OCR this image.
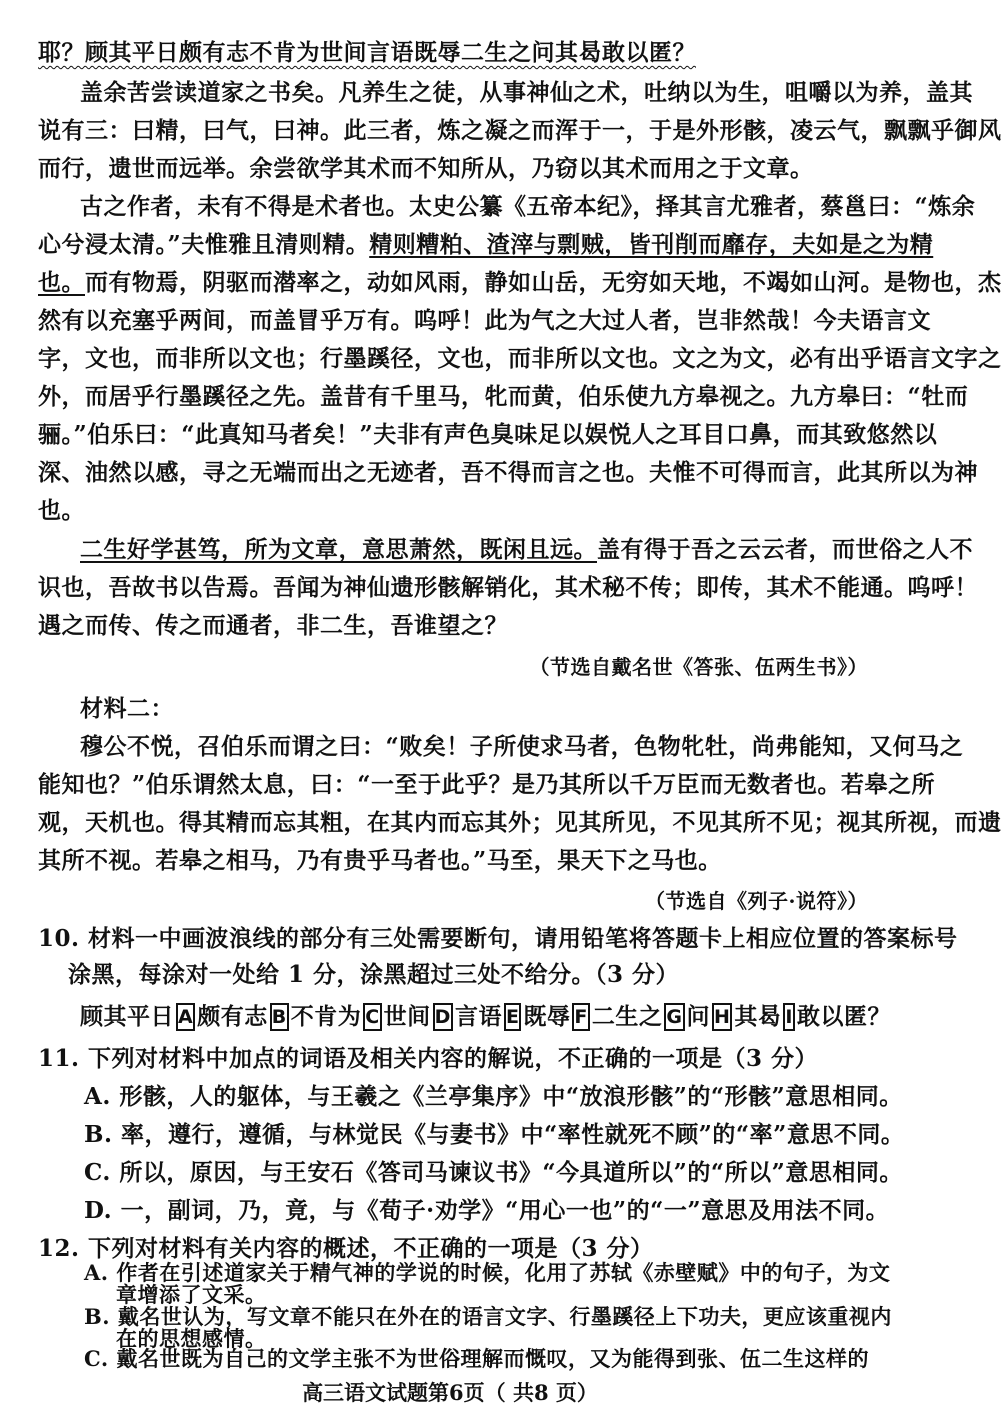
耶？顾其平日颇有志不肯为世间言语既辱二生之问其曷敢以匿？
盖余苦尝读道家之书矣。凡养生之徒，从事神仙之术，吐纳以为生，咀嚼以为养，盖其
说有三：曰精，曰气，曰神。此三者，炼之凝之而浑于一，于是外形骸，凌云气，飘飘乎御风
而行，遗世而远举。余尝欲学其术而不知所从，乃窃以其术而用之于文章。
古之作者，未有不得是术者也。太史公纂《五帝本纪》，择其言尤雅者，蔡邕曰：“炼余
心兮浸太清。”夫惟雅且清则精。精则糟粕、渣滓与剽贼，皆刊削而靡存，夫如是之为精
也。而有物焉，阴驱而潜率之，动如风雨，静如山岳，无穷如天地，不竭如山河。是物也，杰
然有以充塞乎两间，而盖冒乎万有。呜呼！此为气之大过人者，岂非然哉！今夫语言文
字，文也，而非所以文也；行墨蹊径，文也，而非所以文也。文之为文，必有出乎语言文字之
外，而居乎行墨蹊径之先。盖昔有千里马，牝而黄，伯乐使九方皋视之。九方皋曰：“牡而
骊。”伯乐曰：“此真知马者矣！”夫非有声色臭味足以娱悦人之耳目口鼻，而其致悠然以
深、油然以感，寻之无端而出之无迹者，吾不得而言之也。夫惟不可得而言，此其所以为神
也。
二生好学甚笃，所为文章，意思萧然，既闲且远。盖有得于吾之云云者，而世俗之人不
识也，吾故书以告焉。吾闻为神仙遗形骸解销化，其术秘不传；即传，其术不能通。呜呼！
遇之而传、传之而通者，非二生，吾谁望之？
（节选自戴名世《答张、伍两生书》）
材料二：
穆公不悦，召伯乐而谓之曰：“败矣！子所使求马者，色物牝牡，尚弗能知，又何马之
能知也？”伯乐谓然太息，曰：“一至于此乎？是乃其所以千万臣而无数者也。若皋之所
观，天机也。得其精而忘其粗，在其内而忘其外；见其所见，不见其所不见；视其所视，而遗
其所不视。若皋之相马，乃有贵乎马者也。”马至，果天下之马也。
（节选自《列子·说符》）
10. 材料一中画波浪线的部分有三处需要断句，请用铅笔将答题卡上相应位置的答案标号
涂黑，每涂对一处给 1 分，涂黑超过三处不给分。（3 分）
顾其平日 A 颇有志 B 不肯为 C 世间 D 言语 E 既辱 F 二生之 G 问 H 其曷 I 敢以匿？
11. 下列对材料中加点的词语及相关内容的解说，不正确的一项是（3 分）
A. 形骸，人的躯体，与王羲之《兰亭集序》中“放浪形骸”的“形骸”意思相同。
B. 率，遵行，遵循，与林觉民《与妻书》中“率性就死不顾”的“率”意思不同。
C. 所以，原因，与王安石《答司马谏议书》“今具道所以”的“所以”意思相同。
D. 一，副词，乃，竟，与《荀子·劝学》“用心一也”的“一”意思及用法不同。
12. 下列对材料有关内容的概述，不正确的一项是（3 分）
A. 作者在引述道家关于精气神的学说的时候，化用了苏轼《赤壁赋》中的句子，为文
章增添了文采。
高三语文试题第6页（ 共8 页）
B. 戴名世认为，写文章不能只在外在的语言文字、行墨蹊径上下功夫，更应该重视内
在的思想感情。
C. 戴名世既为自己的文学主张不为世俗理解而慨叹，又为能得到张、伍二生这样的
